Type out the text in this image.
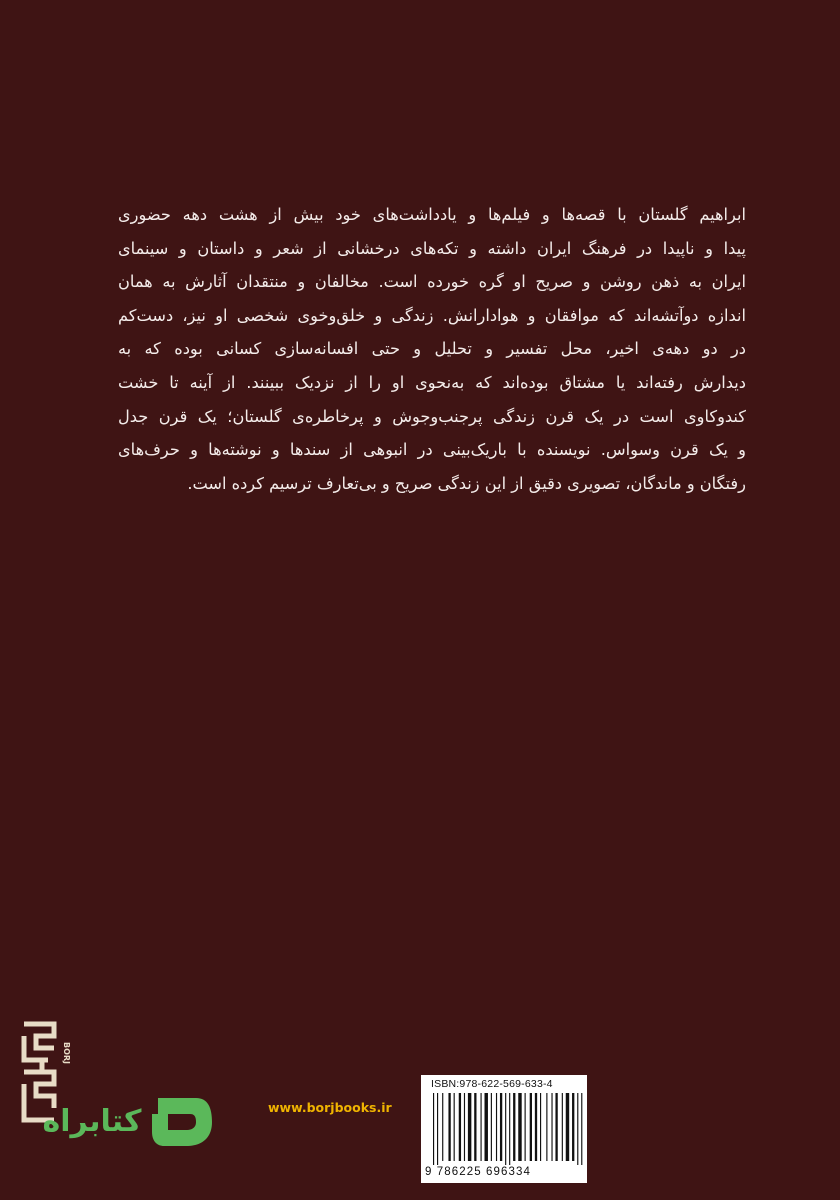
ابراهیم گلستان با قصه‌ها و فیلم‌ها و یادداشت‌های خود بیش از هشت دهه حضوری
پیدا و ناپیدا در فرهنگ ایران داشته و تکه‌های درخشانی از شعر و داستان و سینمای
ایران به ذهن روشن و صریح او گره خورده است. مخالفان و منتقدان آثارش به همان
اندازه دوآتشه‌اند که موافقان و هوادارانش. زندگی و خلق‌وخوی شخصی او نیز، دست‌کم
در دو دهه‌ی اخیر، محل تفسیر و تحلیل و حتی افسانه‌سازی کسانی بوده که به
دیدارش رفته‌اند یا مشتاق بوده‌اند که به‌نحوی او را از نزدیک ببینند. از آینه تا خشت
کندوکاوی است در یک قرن زندگی پرجنب‌وجوش و پرخاطره‌ی گلستان؛ یک قرن جدل
و یک قرن وسواس. نویسنده با باریک‌بینی در انبوهی از سندها و نوشته‌ها و حرف‌های
رفتگان و ماندگان، تصویری دقیق از این زندگی صریح و بی‌تعارف ترسیم کرده است.
BORJ
کتابراه	www.borjbooks.ir
ISBN:978-622-569-633-4
9 786225 696334
